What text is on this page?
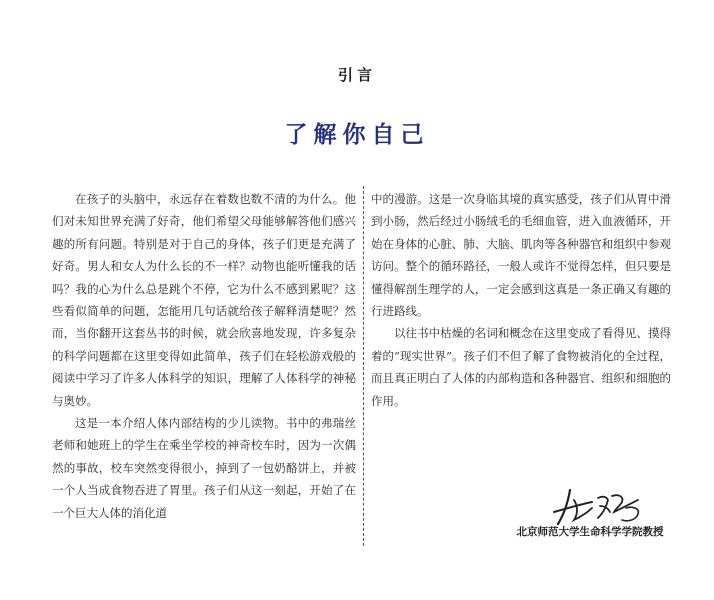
引言
了解你自己

在孩子的头脑中，永远存在着数也数不清的为什么。他们对未知世界充满了好奇，他们希望父母能够解答他们感兴趣的所有问题。特别是对于自己的身体，孩子们更是充满了好奇。男人和女人为什么长的不一样？动物也能听懂我的话吗？我的心为什么总是跳个不停，它为什么不感到累呢？这些看似简单的问题，怎能用几句话就给孩子解释清楚呢？然而，当你翻开这套丛书的时候，就会欣喜地发现，许多复杂的科学问题都在这里变得如此简单，孩子们在轻松游戏般的阅读中学习了许多人体科学的知识，理解了人体科学的神秘与奥妙。

这是一本介绍人体内部结构的少儿读物。书中的弗瑞丝老师和她班上的学生在乘坐学校的神奇校车时，因为一次偶然的事故，校车突然变得很小，掉到了一包奶酪饼上，并被一个人当成食物吞进了胃里。孩子们从这一刻起，开始了在一个巨大人体的消化道

中的漫游。这是一次身临其境的真实感受，孩子们从胃中滑到小肠，然后经过小肠绒毛的毛细血管，进入血液循环，开始在身体的心脏、肺、大脑、肌肉等各种器官和组织中参观访问。整个的循环路径，一般人或许不觉得怎样，但只要是懂得解剖生理学的人，一定会感到这真是一条正确又有趣的行进路线。

以往书中枯燥的名词和概念在这里变成了看得见、摸得着的“现实世界”。孩子们不但了解了食物被消化的全过程，而且真正明白了人体的内部构造和各种器官、组织和细胞的作用。

北京师范大学生命科学学院教授
